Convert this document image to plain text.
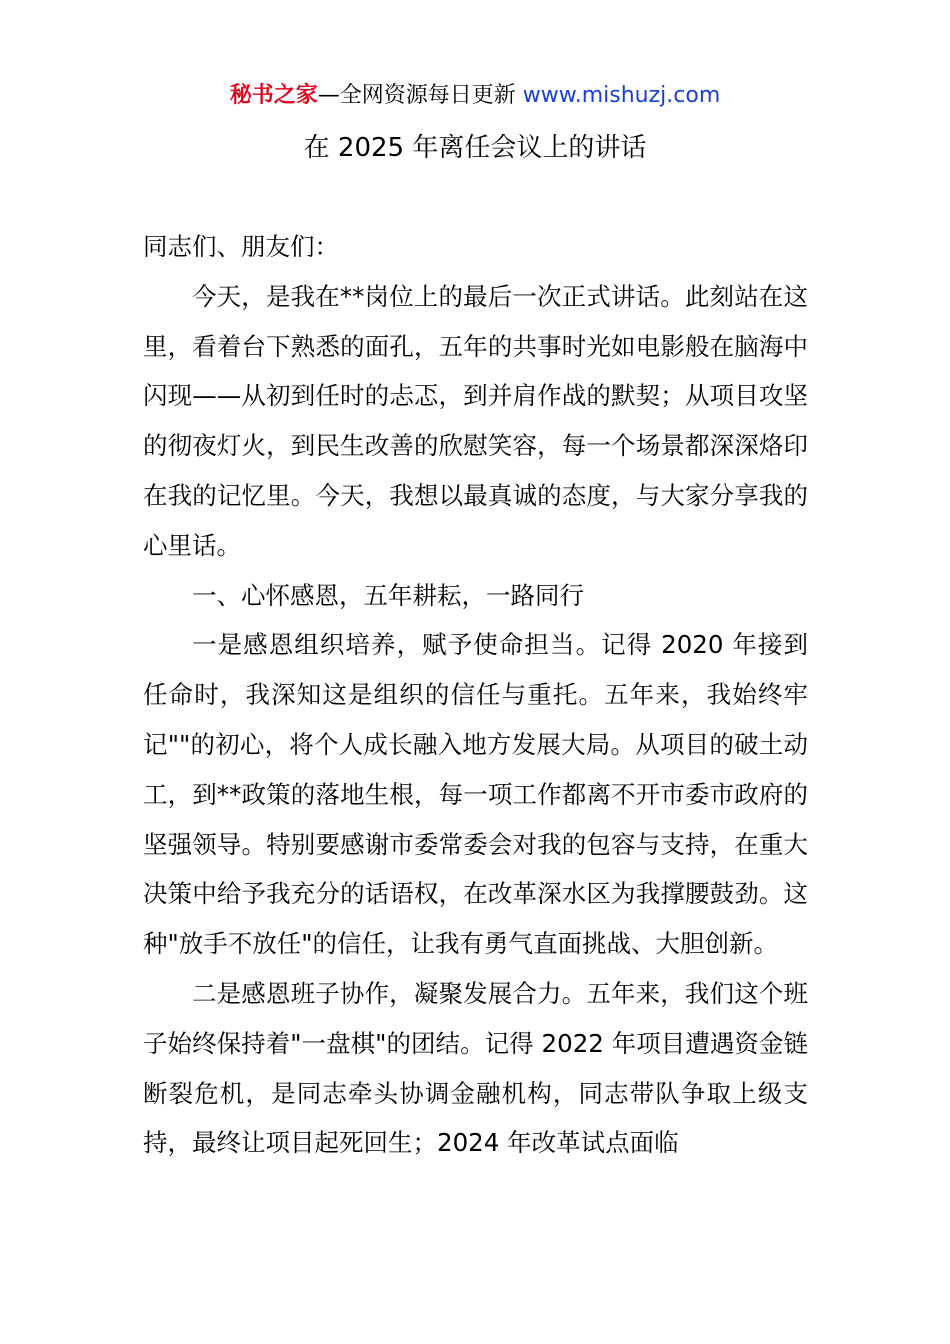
秘书之家—全网资源每日更新 www.mishuzj.com
在 2025 年离任会议上的讲话

同志们、朋友们：

今天，是我在**岗位上的最后一次正式讲话。此刻站在这里，看着台下熟悉的面孔，五年的共事时光如电影般在脑海中闪现——从初到任时的忐忑，到并肩作战的默契；从项目攻坚的彻夜灯火，到民生改善的欣慰笑容，每一个场景都深深烙印在我的记忆里。今天，我想以最真诚的态度，与大家分享我的心里话。

一、心怀感恩，五年耕耘，一路同行

一是感恩组织培养，赋予使命担当。记得 2020 年接到任命时，我深知这是组织的信任与重托。五年来，我始终牢记""的初心，将个人成长融入地方发展大局。从项目的破土动工，到**政策的落地生根，每一项工作都离不开市委市政府的坚强领导。特别要感谢市委常委会对我的包容与支持，在重大决策中给予我充分的话语权，在改革深水区为我撑腰鼓劲。这种"放手不放任"的信任，让我有勇气直面挑战、大胆创新。

二是感恩班子协作，凝聚发展合力。五年来，我们这个班子始终保持着"一盘棋"的团结。记得 2022 年项目遭遇资金链断裂危机，是同志牵头协调金融机构，同志带队争取上级支持，最终让项目起死回生；2024 年改革试点面临
